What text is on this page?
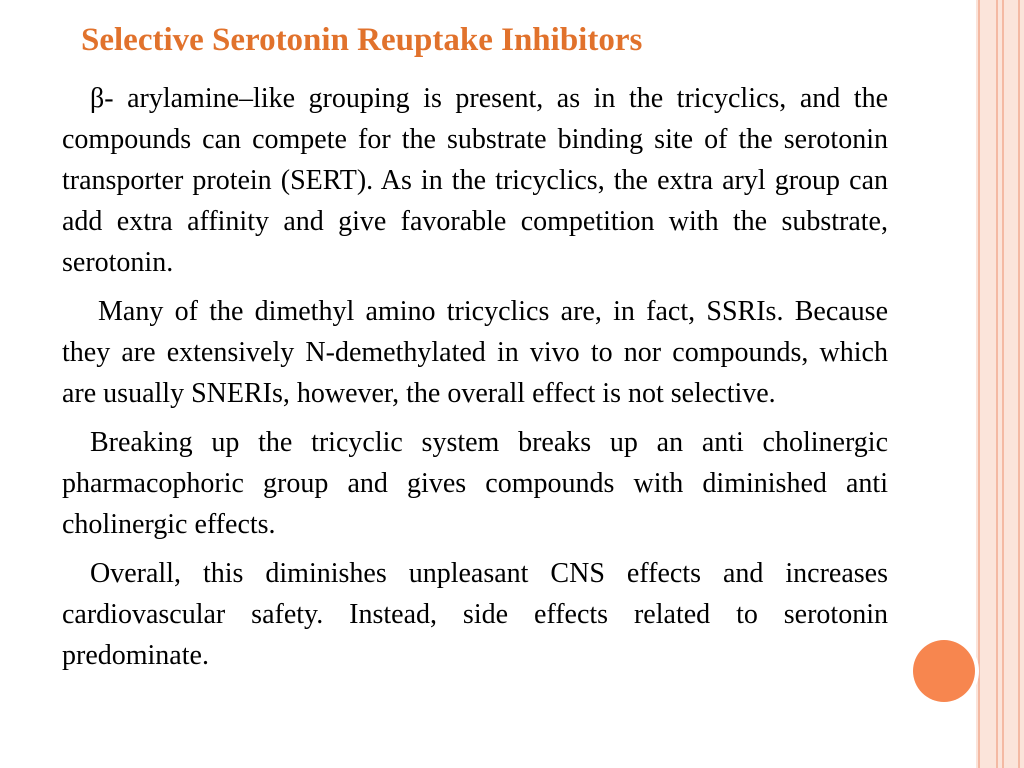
Selective Serotonin Reuptake Inhibitors

β- arylamine–like grouping is present, as in the tricyclics, and the compounds can compete for the substrate binding site of the serotonin transporter protein (SERT). As in the tricyclics, the extra aryl group can add extra affinity and give favorable competition with the substrate, serotonin.

Many of the dimethyl amino tricyclics are, in fact, SSRIs. Because they are extensively N-demethylated in vivo to nor compounds, which are usually SNERIs, however, the overall effect is not selective.

Breaking up the tricyclic system breaks up an anti cholinergic pharmacophoric group and gives compounds with diminished anti cholinergic effects.

Overall, this diminishes unpleasant CNS effects and increases cardiovascular safety. Instead, side effects related to serotonin predominate.
